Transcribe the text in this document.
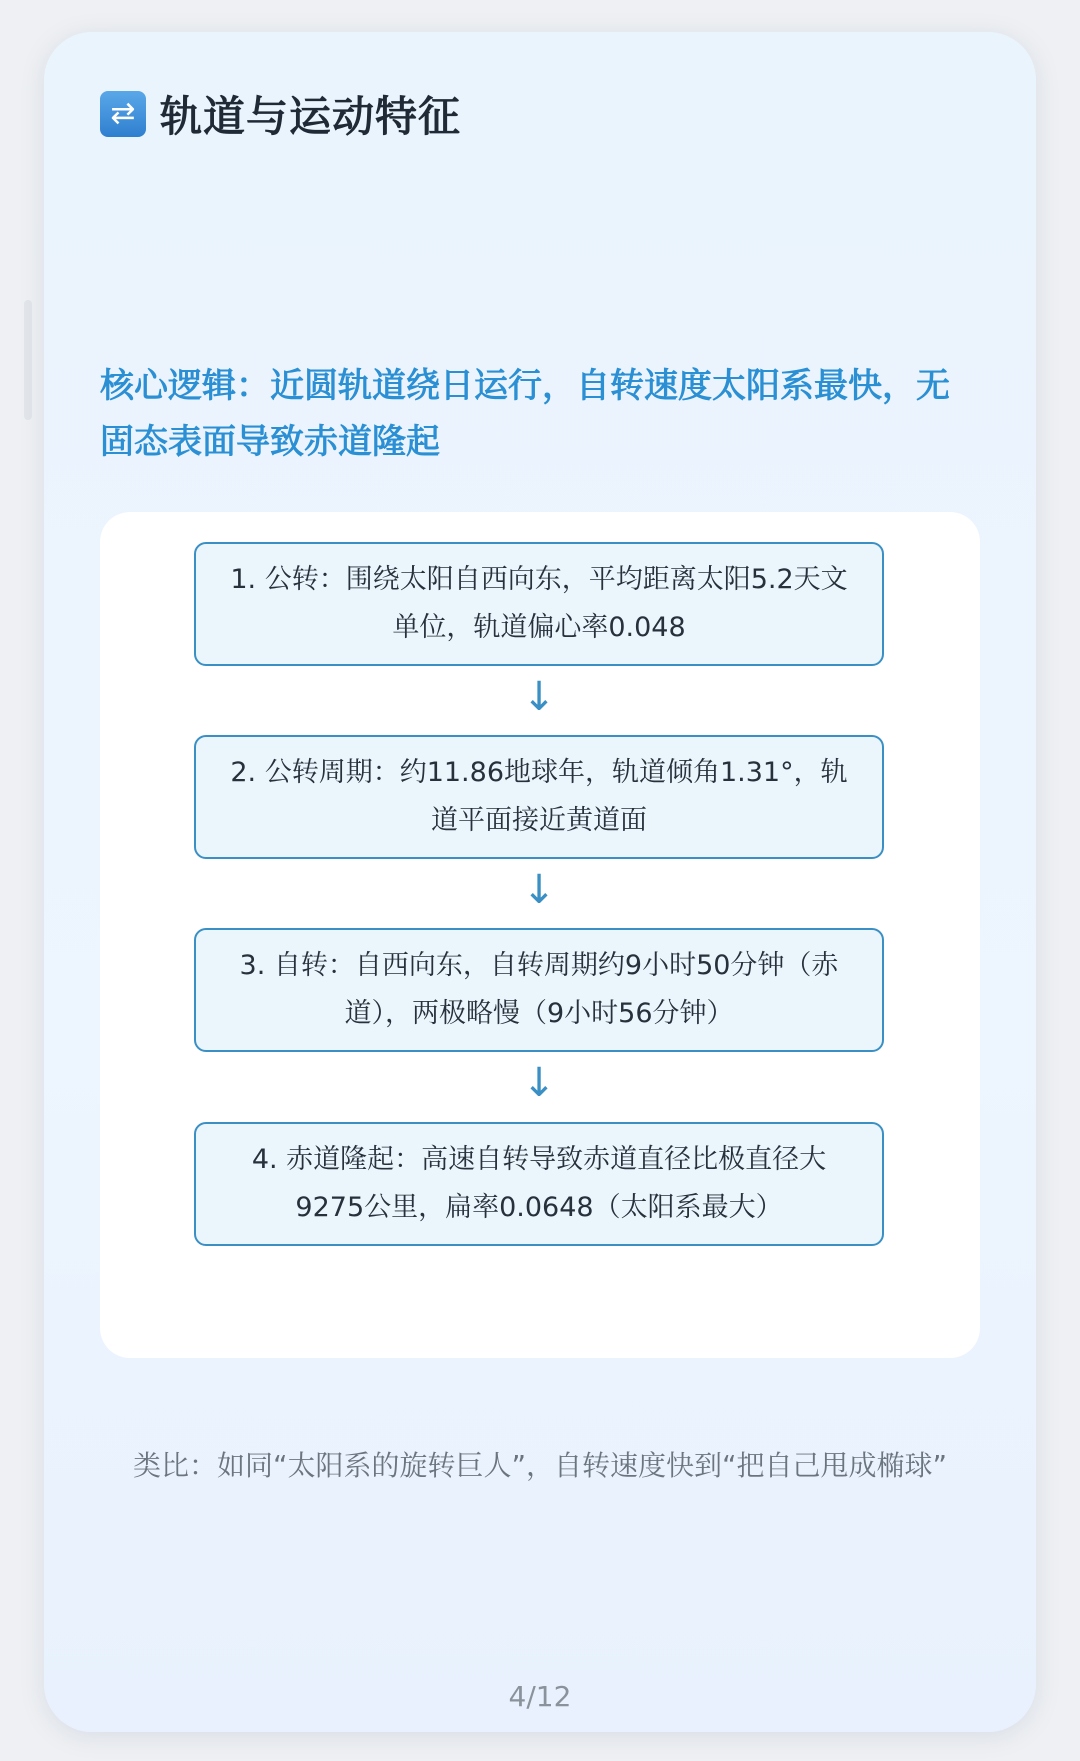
⇄ 轨道与运动特征
核心逻辑：近圆轨道绕日运行，自转速度太阳系最快，无固态表面导致赤道隆起
1. 公转：围绕太阳自西向东，平均距离太阳5.2天文单位，轨道偏心率0.048
↓
2. 公转周期：约11.86地球年，轨道倾角1.31°，轨道平面接近黄道面
↓
3. 自转：自西向东，自转周期约9小时50分钟（赤道），两极略慢（9小时56分钟）
↓
4. 赤道隆起：高速自转导致赤道直径比极直径大9275公里，扁率0.0648（太阳系最大）
类比：如同“太阳系的旋转巨人”，自转速度快到“把自己甩成椭球”
4/12
